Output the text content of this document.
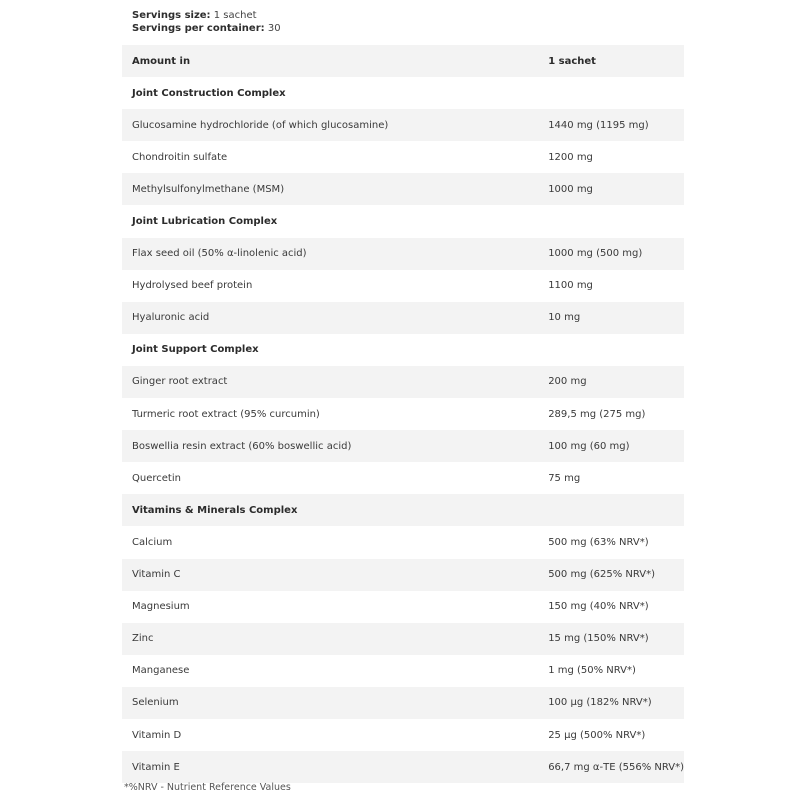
Servings size: 1 sachet
Servings per container: 30
Amount in	1 sachet
Joint Construction Complex	
Glucosamine hydrochloride (of which glucosamine)	1440 mg (1195 mg)
Chondroitin sulfate	1200 mg
Methylsulfonylmethane (MSM)	1000 mg
Joint Lubrication Complex	
Flax seed oil (50% α-linolenic acid)	1000 mg (500 mg)
Hydrolysed beef protein	1100 mg
Hyaluronic acid	10 mg
Joint Support Complex	
Ginger root extract	200 mg
Turmeric root extract (95% curcumin)	289,5 mg (275 mg)
Boswellia resin extract (60% boswellic acid)	100 mg (60 mg)
Quercetin	75 mg
Vitamins & Minerals Complex	
Calcium	500 mg (63% NRV*)
Vitamin C	500 mg (625% NRV*)
Magnesium	150 mg (40% NRV*)
Zinc	15 mg (150% NRV*)
Manganese	1 mg (50% NRV*)
Selenium	100 µg (182% NRV*)
Vitamin D	25 µg (500% NRV*)
Vitamin E	66,7 mg α-TE (556% NRV*)
*%NRV - Nutrient Reference Values
